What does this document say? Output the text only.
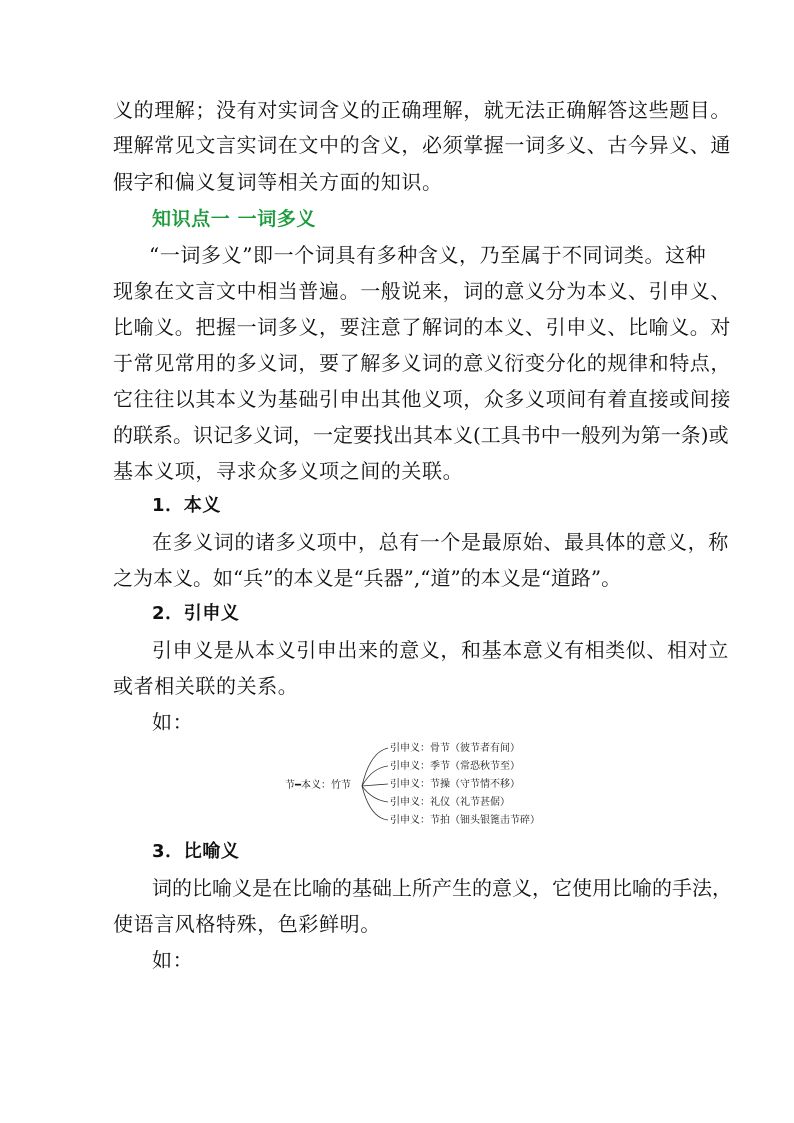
义的理解；没有对实词含义的正确理解，就无法正确解答这些题目。
理解常见文言实词在文中的含义，必须掌握一词多义、古今异义、通
假字和偏义复词等相关方面的知识。
知识点一 一词多义
“一词多义”即一个词具有多种含义，乃至属于不同词类。这种
现象在文言文中相当普遍。一般说来，词的意义分为本义、引申义、
比喻义。把握一词多义，要注意了解词的本义、引申义、比喻义。对
于常见常用的多义词，要了解多义词的意义衍变分化的规律和特点，
它往往以其本义为基础引申出其他义项，众多义项间有着直接或间接
的联系。识记多义词，一定要找出其本义(工具书中一般列为第一条)或
基本义项，寻求众多义项之间的关联。
1．本义
在多义词的诸多义项中，总有一个是最原始、最具体的意义，称
之为本义。如“兵”的本义是“兵器”,“道”的本义是“道路”。
2．引申义
引申义是从本义引申出来的意义，和基本意义有相类似、相对立
或者相关联的关系。
如：
节━本义：竹节
引申义：骨节（彼节者有间）
引申义：季节（常恐秋节至）
引申义：节操（守节情不移）
引申义：礼仪（礼节甚倨）
引申义：节拍（钿头银篦击节碎）
3．比喻义
词的比喻义是在比喻的基础上所产生的意义，它使用比喻的手法，
使语言风格特殊，色彩鲜明。
如：
